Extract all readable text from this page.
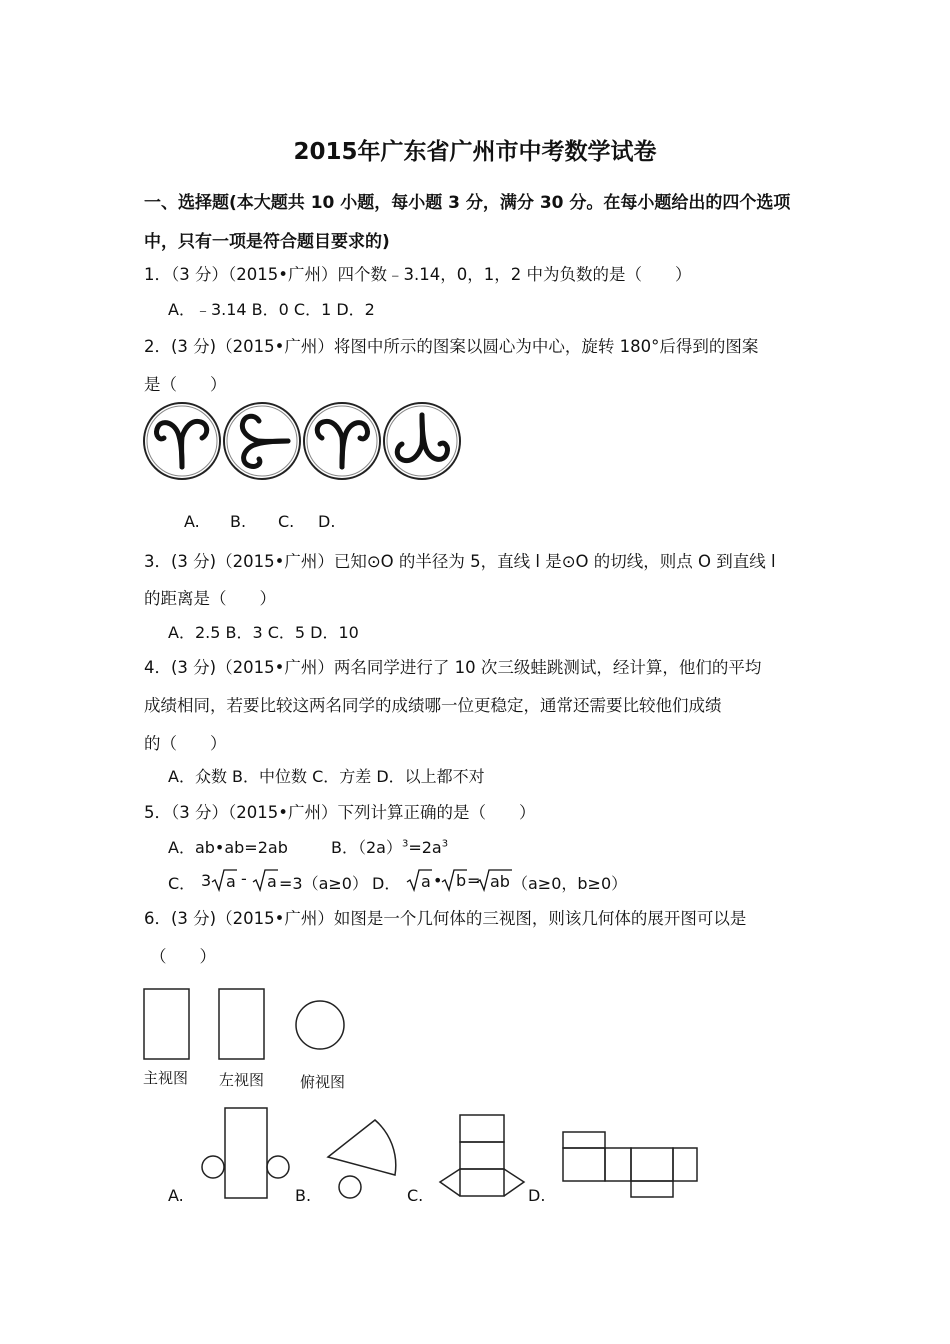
2015年广东省广州市中考数学试卷
一、选择题(本大题共 10 小题，每小题 3 分，满分 30 分。在每小题给出的四个选项
中，只有一项是符合题目要求的)
1．（3 分）（2015•广州）四个数﹣3.14，0，1，2 中为负数的是（　　）
A．﹣3.14 B．0 C．1 D．2
2．(3 分)（2015•广州）将图中所示的图案以圆心为中心，旋转 180°后得到的图案
是（　　）
A. B. C. D.
3．(3 分)（2015•广州）已知⊙O 的半径为 5，直线 l 是⊙O 的切线，则点 O 到直线 l
的距离是（　　）
A．2.5 B．3 C．5 D．10
4．(3 分)（2015•广州）两名同学进行了 10 次三级蛙跳测试，经计算，他们的平均
成绩相同，若要比较这两名同学的成绩哪一位更稳定，通常还需要比较他们成绩
的（　　）
A．众数 B．中位数 C．方差 D．以上都不对
5．（3 分）（2015•广州）下列计算正确的是（　　）
A．ab•ab=2ab	B．$(2a)^3=2a^3$
C． 3 a - a =3（a≥0） D． a • b = ab （a≥0，b≥0）
6．(3 分)（2015•广州）如图是一个几何体的三视图，则该几何体的展开图可以是
（　　）
主视图 左视图 俯视图
A.	B.	C.	D.
